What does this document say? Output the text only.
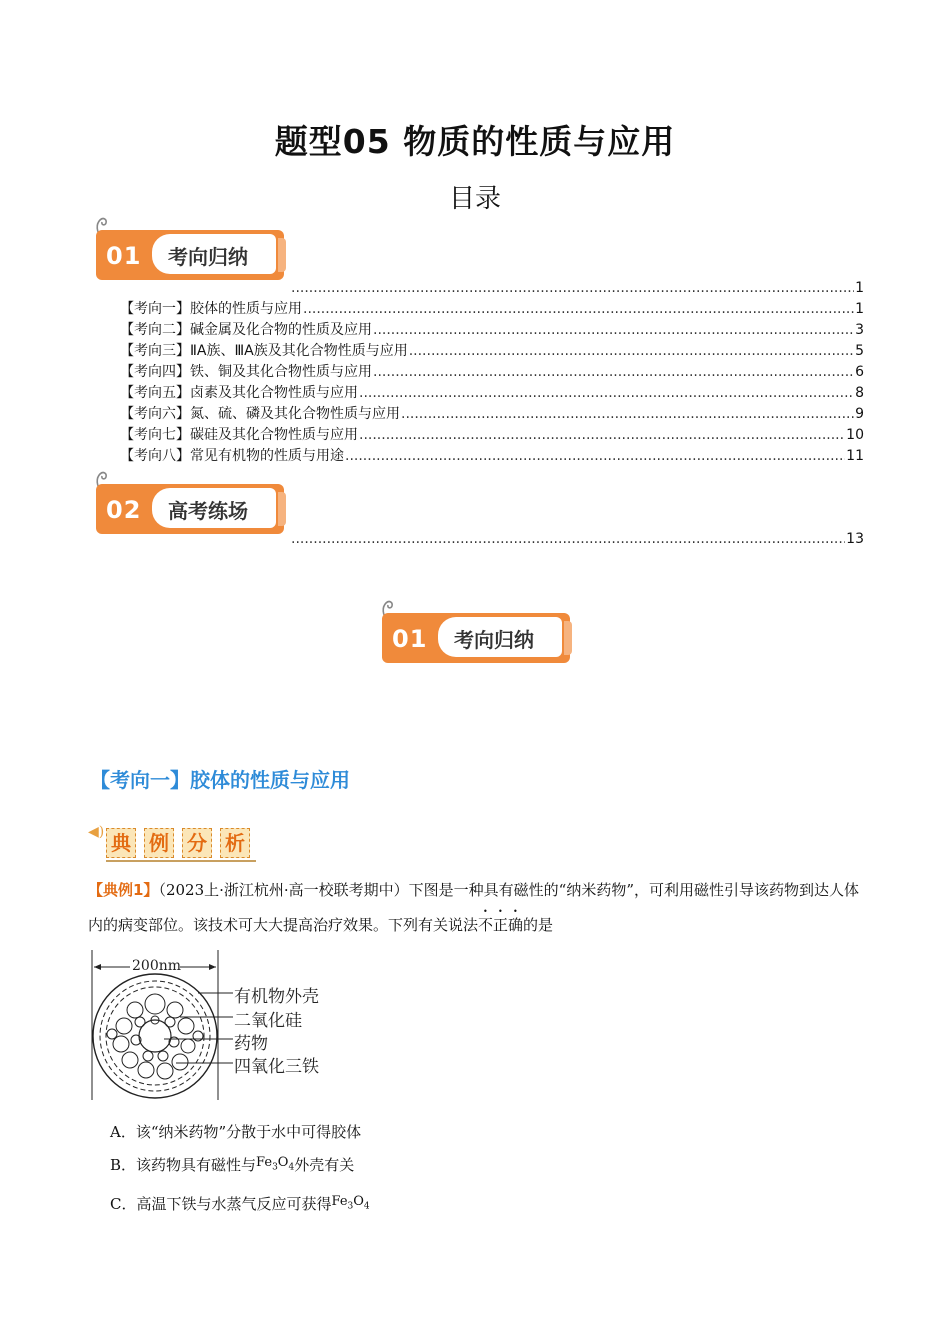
题型05 物质的性质与应用
目录
01 考向归纳
.....
1
【考向一】胶体的性质与应用 .....	1
【考向二】碱金属及化合物的性质及应用 .....	3
【考向三】ⅡA族、ⅢA族及其化合物性质与应用 .....	5
【考向四】铁、铜及其化合物性质与应用 .....	6
【考向五】卤素及其化合物性质与应用 .....	8
【考向六】氮、硫、磷及其化合物性质与应用 .....	9
【考向七】碳硅及其化合物性质与应用 .....	10
【考向八】常见有机物的性质与用途 .....	11
02 高考练场
.....
13
01 考向归纳
【考向一】胶体的性质与应用
◀) 典 例 分 析
【典例1】（2023上·浙江杭州·高一校联考期中）下图是一种具有磁性的“纳米药物”，可利用磁性引导该药物到达人体内的病变部位。该技术可大大提高治疗效果。下列有关说法不正确的是
200nm
有机物外壳
二氧化硅
药物
四氧化三铁
A．该“纳米药物”分散于水中可得胶体
B．该药物具有磁性与$Fe_3O_4$外壳有关
C．高温下铁与水蒸气反应可获得$Fe_3O_4$
